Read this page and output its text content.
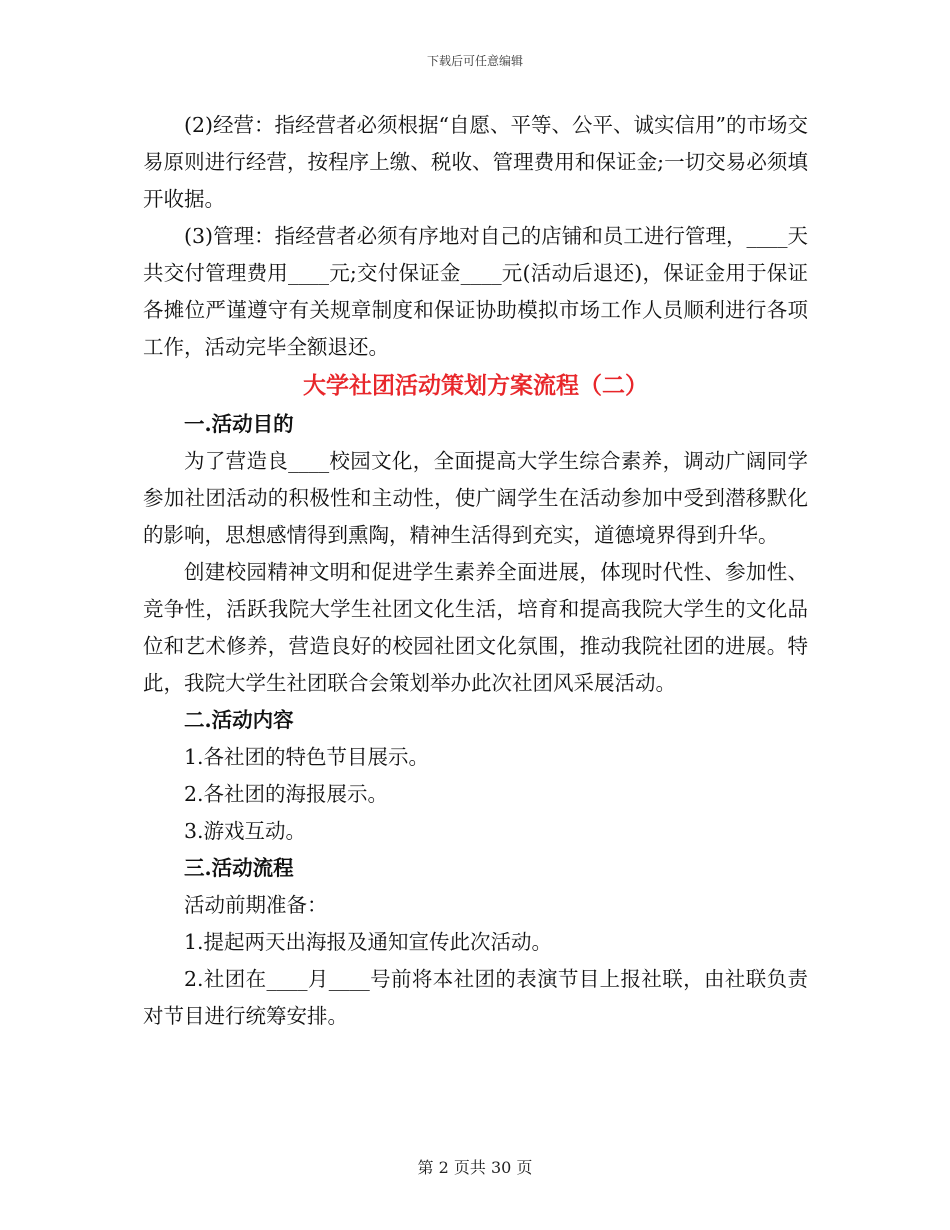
下载后可任意编辑

(2)经营：指经营者必须根据“自愿、平等、公平、诚实信用”的市场交易原则进行经营，按程序上缴、税收、管理费用和保证金;一切交易必须填开收据。

(3)管理：指经营者必须有序地对自己的店铺和员工进行管理，____天共交付管理费用____元;交付保证金____元(活动后退还)，保证金用于保证各摊位严谨遵守有关规章制度和保证协助模拟市场工作人员顺利进行各项工作，活动完毕全额退还。

大学社团活动策划方案流程（二）

一.活动目的

为了营造良____校园文化，全面提高大学生综合素养，调动广阔同学参加社团活动的积极性和主动性，使广阔学生在活动参加中受到潜移默化的影响，思想感情得到熏陶，精神生活得到充实，道德境界得到升华。

创建校园精神文明和促进学生素养全面进展，体现时代性、参加性、竞争性，活跃我院大学生社团文化生活，培育和提高我院大学生的文化品位和艺术修养，营造良好的校园社团文化氛围，推动我院社团的进展。特此，我院大学生社团联合会策划举办此次社团风采展活动。

二.活动内容

1.各社团的特色节目展示。

2.各社团的海报展示。

3.游戏互动。

三.活动流程

活动前期准备：

1.提起两天出海报及通知宣传此次活动。

2.社团在____月____号前将本社团的表演节目上报社联，由社联负责对节目进行统筹安排。

第 2 页共 30 页
